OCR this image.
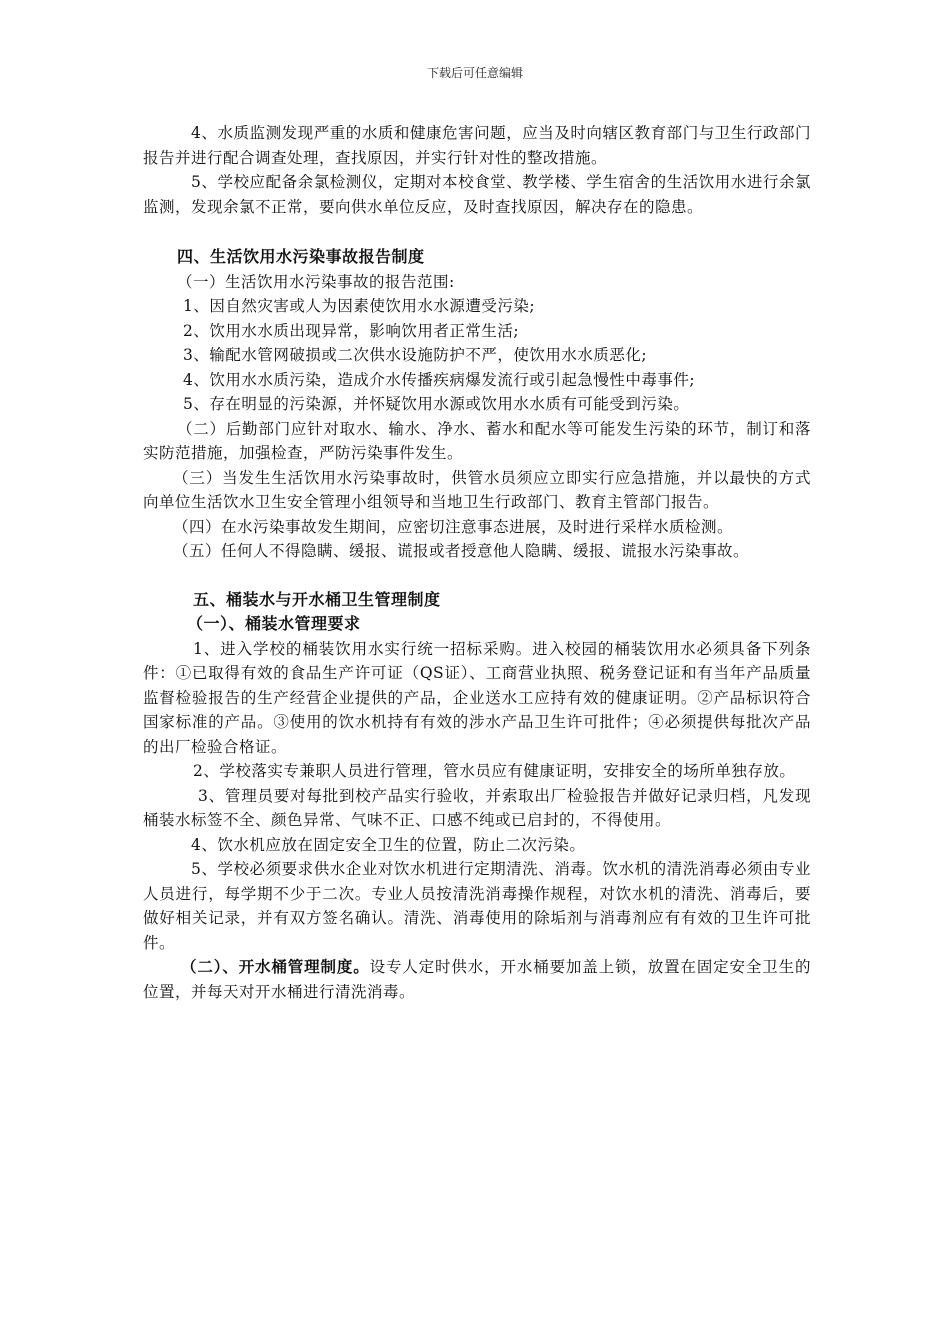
下载后可任意编辑

4、水质监测发现严重的水质和健康危害问题，应当及时向辖区教育部门与卫生行政部门报告并进行配合调查处理，查找原因，并实行针对性的整改措施。

5、学校应配备余氯检测仪，定期对本校食堂、教学楼、学生宿舍的生活饮用水进行余氯监测，发现余氯不正常，要向供水单位反应，及时查找原因，解决存在的隐患。

四、生活饮用水污染事故报告制度

（一）生活饮用水污染事故的报告范围:

1、因自然灾害或人为因素使饮用水水源遭受污染;

2、饮用水水质出现异常，影响饮用者正常生活;

3、输配水管网破损或二次供水设施防护不严，使饮用水水质恶化;

4、饮用水水质污染，造成介水传播疾病爆发流行或引起急慢性中毒事件;

5、存在明显的污染源，并怀疑饮用水源或饮用水水质有可能受到污染。

（二）后勤部门应针对取水、输水、净水、蓄水和配水等可能发生污染的环节，制订和落实防范措施，加强检查，严防污染事件发生。

（三）当发生生活饮用水污染事故时，供管水员须应立即实行应急措施，并以最快的方式向单位生活饮水卫生安全管理小组领导和当地卫生行政部门、教育主管部门报告。

（四）在水污染事故发生期间，应密切注意事态进展，及时进行采样水质检测。

（五）任何人不得隐瞒、缓报、谎报或者授意他人隐瞒、缓报、谎报水污染事故。

五、桶装水与开水桶卫生管理制度
（一）、桶装水管理要求

1、进入学校的桶装饮用水实行统一招标采购。进入校园的桶装饮用水必须具备下列条件：①已取得有效的食品生产许可证（QS证）、工商营业执照、税务登记证和有当年产品质量监督检验报告的生产经营企业提供的产品，企业送水工应持有效的健康证明。②产品标识符合国家标准的产品。③使用的饮水机持有有效的涉水产品卫生许可批件；④必须提供每批次产品的出厂检验合格证。

2、学校落实专兼职人员进行管理，管水员应有健康证明，安排安全的场所单独存放。

3、管理员要对每批到校产品实行验收，并索取出厂检验报告并做好记录归档，凡发现桶装水标签不全、颜色异常、气味不正、口感不纯或已启封的，不得使用。

4、饮水机应放在固定安全卫生的位置，防止二次污染。

5、学校必须要求供水企业对饮水机进行定期清洗、消毒。饮水机的清洗消毒必须由专业人员进行，每学期不少于二次。专业人员按清洗消毒操作规程，对饮水机的清洗、消毒后，要做好相关记录，并有双方签名确认。清洗、消毒使用的除垢剂与消毒剂应有有效的卫生许可批件。

（二）、开水桶管理制度。设专人定时供水，开水桶要加盖上锁，放置在固定安全卫生的位置，并每天对开水桶进行清洗消毒。
